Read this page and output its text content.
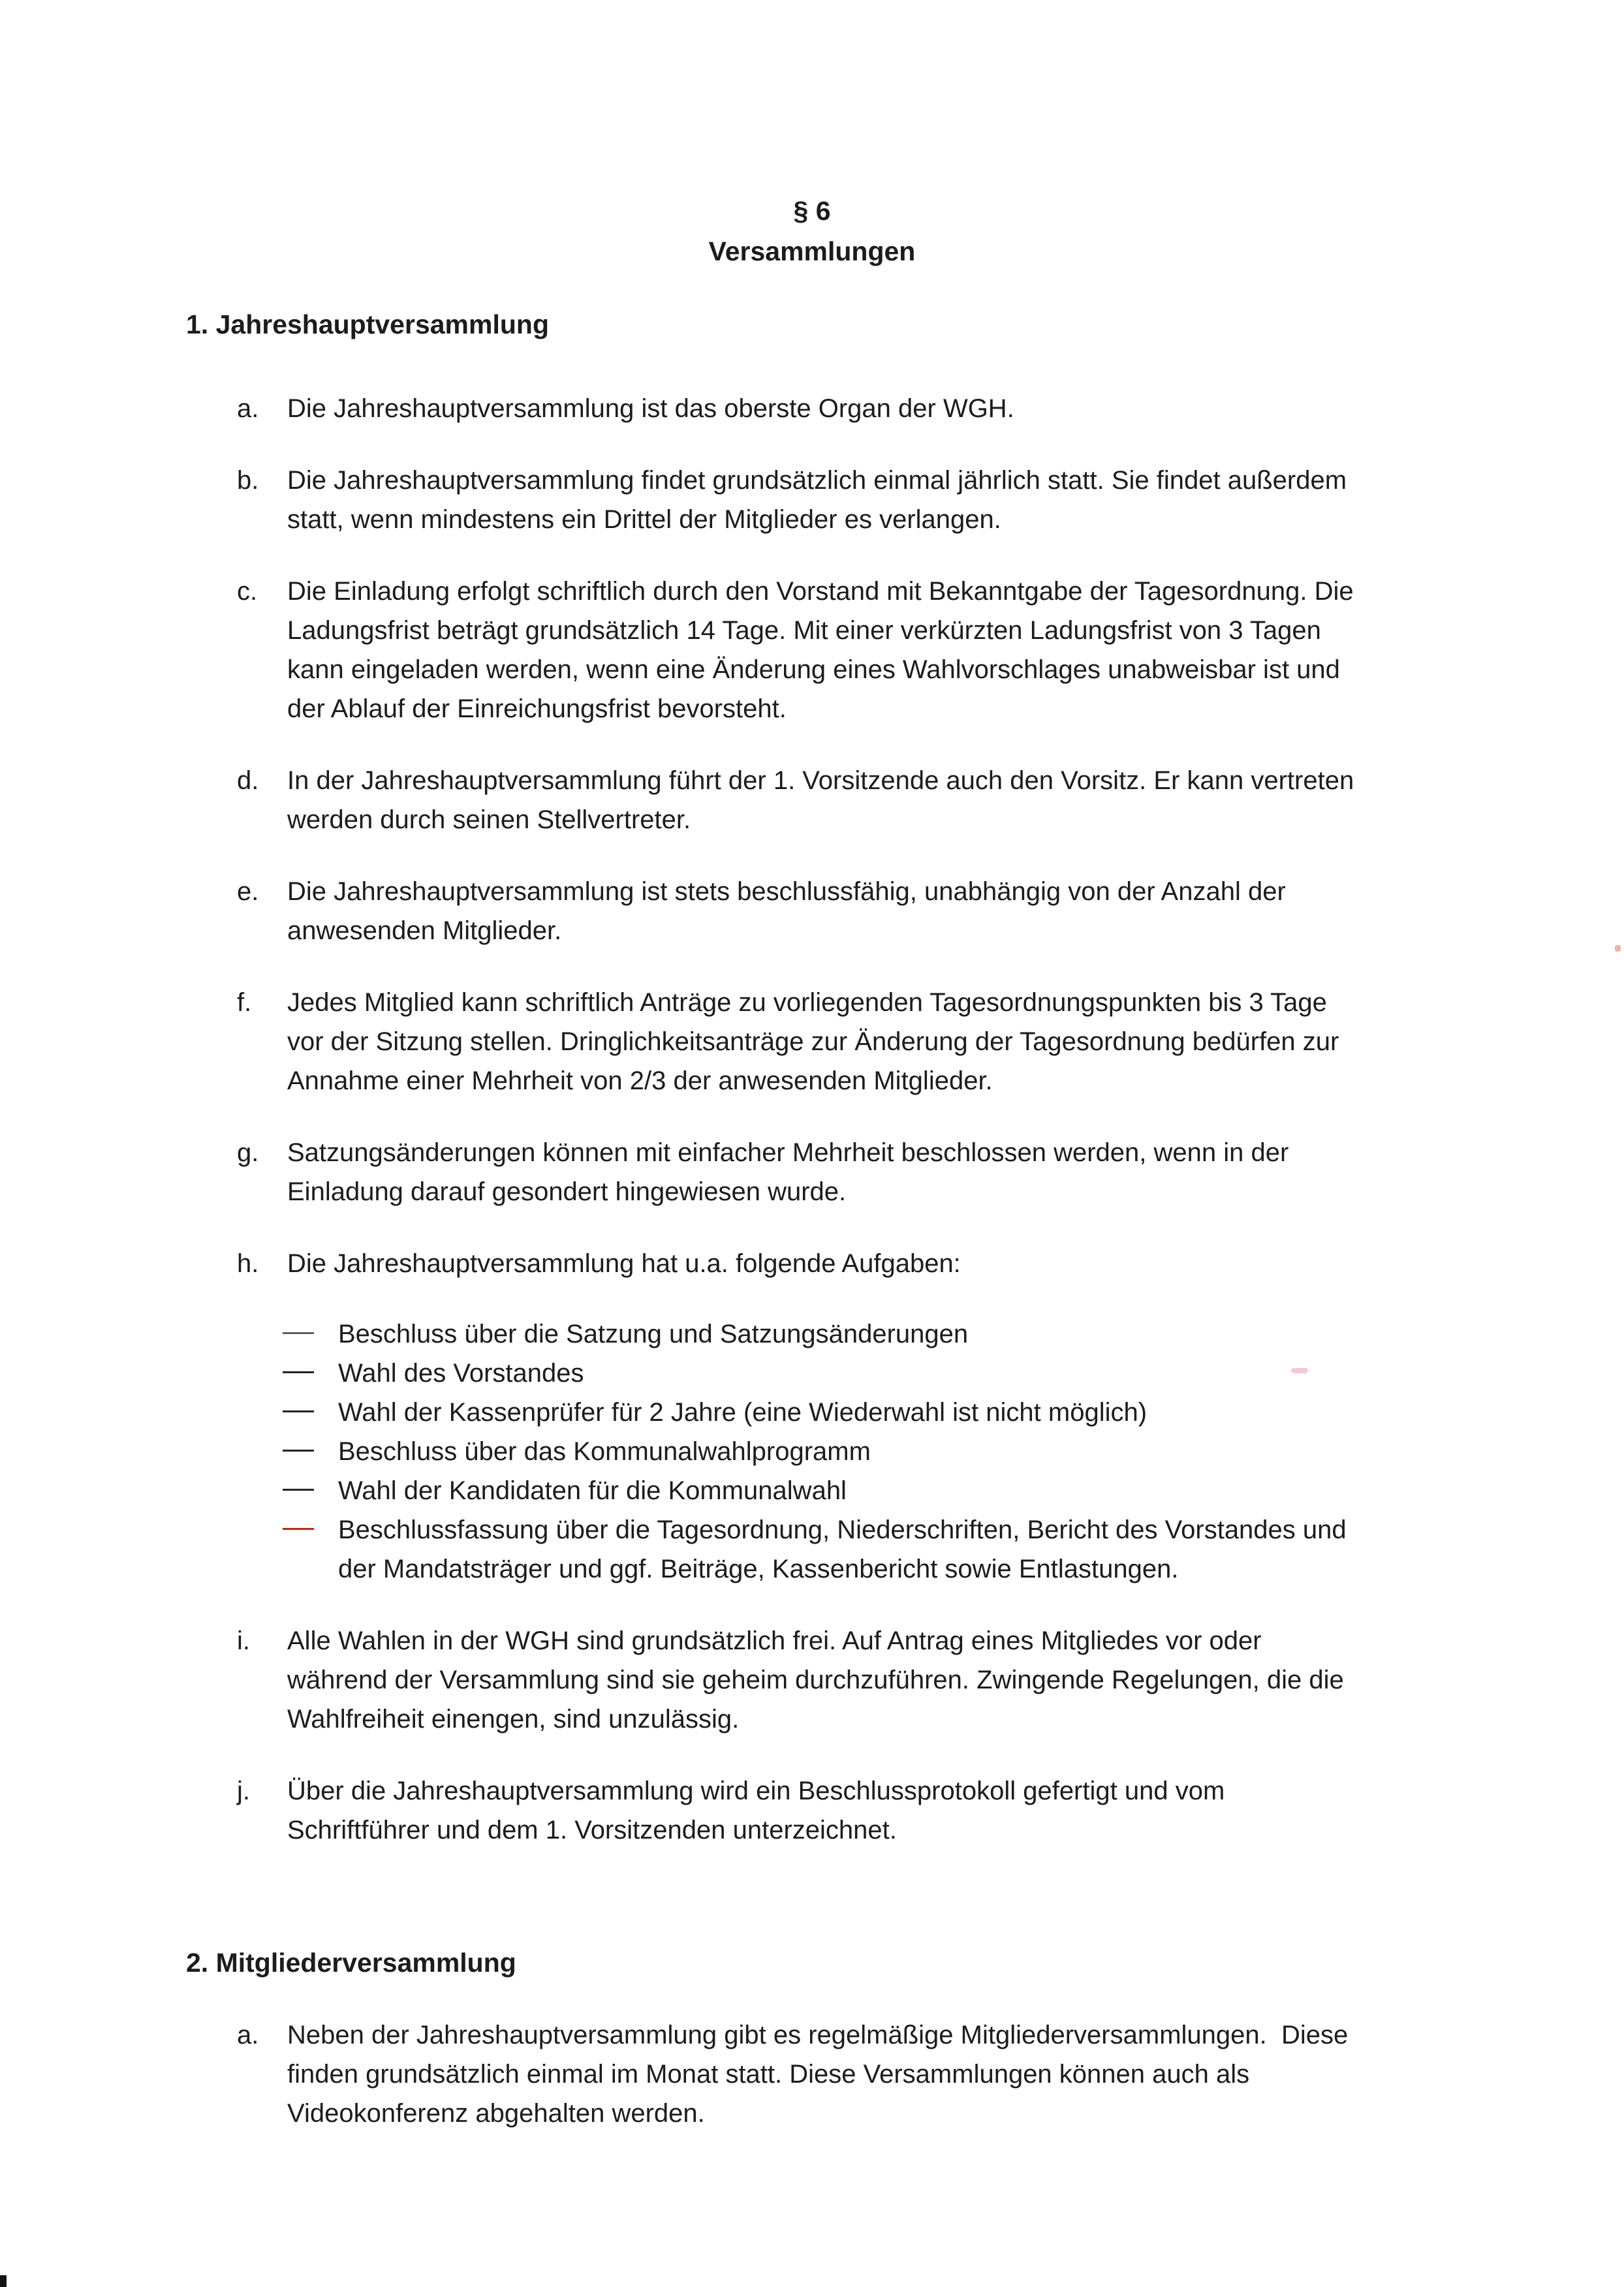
§ 6
Versammlungen
1. Jahreshauptversammlung
a.	Die Jahreshauptversammlung ist das oberste Organ der WGH.
b.	Die Jahreshauptversammlung findet grundsätzlich einmal jährlich statt. Sie findet außerdem
statt, wenn mindestens ein Drittel der Mitglieder es verlangen.
c.	Die Einladung erfolgt schriftlich durch den Vorstand mit Bekanntgabe der Tagesordnung. Die
Ladungsfrist beträgt grundsätzlich 14 Tage. Mit einer verkürzten Ladungsfrist von 3 Tagen
kann eingeladen werden, wenn eine Änderung eines Wahlvorschlages unabweisbar ist und
der Ablauf der Einreichungsfrist bevorsteht.
d.	In der Jahreshauptversammlung führt der 1. Vorsitzende auch den Vorsitz. Er kann vertreten
werden durch seinen Stellvertreter.
e.	Die Jahreshauptversammlung ist stets beschlussfähig, unabhängig von der Anzahl der
anwesenden Mitglieder.
f.	Jedes Mitglied kann schriftlich Anträge zu vorliegenden Tagesordnungspunkten bis 3 Tage
vor der Sitzung stellen. Dringlichkeitsanträge zur Änderung der Tagesordnung bedürfen zur
Annahme einer Mehrheit von 2/3 der anwesenden Mitglieder.
g.	Satzungsänderungen können mit einfacher Mehrheit beschlossen werden, wenn in der
Einladung darauf gesondert hingewiesen wurde.
h.	Die Jahreshauptversammlung hat u.a. folgende Aufgaben:
Beschluss über die Satzung und Satzungsänderungen
Wahl des Vorstandes
Wahl der Kassenprüfer für 2 Jahre (eine Wiederwahl ist nicht möglich)
Beschluss über das Kommunalwahlprogramm
Wahl der Kandidaten für die Kommunalwahl
Beschlussfassung über die Tagesordnung, Niederschriften, Bericht des Vorstandes und
der Mandatsträger und ggf. Beiträge, Kassenbericht sowie Entlastungen.
i.	Alle Wahlen in der WGH sind grundsätzlich frei. Auf Antrag eines Mitgliedes vor oder
während der Versammlung sind sie geheim durchzuführen. Zwingende Regelungen, die die
Wahlfreiheit einengen, sind unzulässig.
j.	Über die Jahreshauptversammlung wird ein Beschlussprotokoll gefertigt und vom
Schriftführer und dem 1. Vorsitzenden unterzeichnet.
2. Mitgliederversammlung
a.	Neben der Jahreshauptversammlung gibt es regelmäßige Mitgliederversammlungen.  Diese
finden grundsätzlich einmal im Monat statt. Diese Versammlungen können auch als
Videokonferenz abgehalten werden.
